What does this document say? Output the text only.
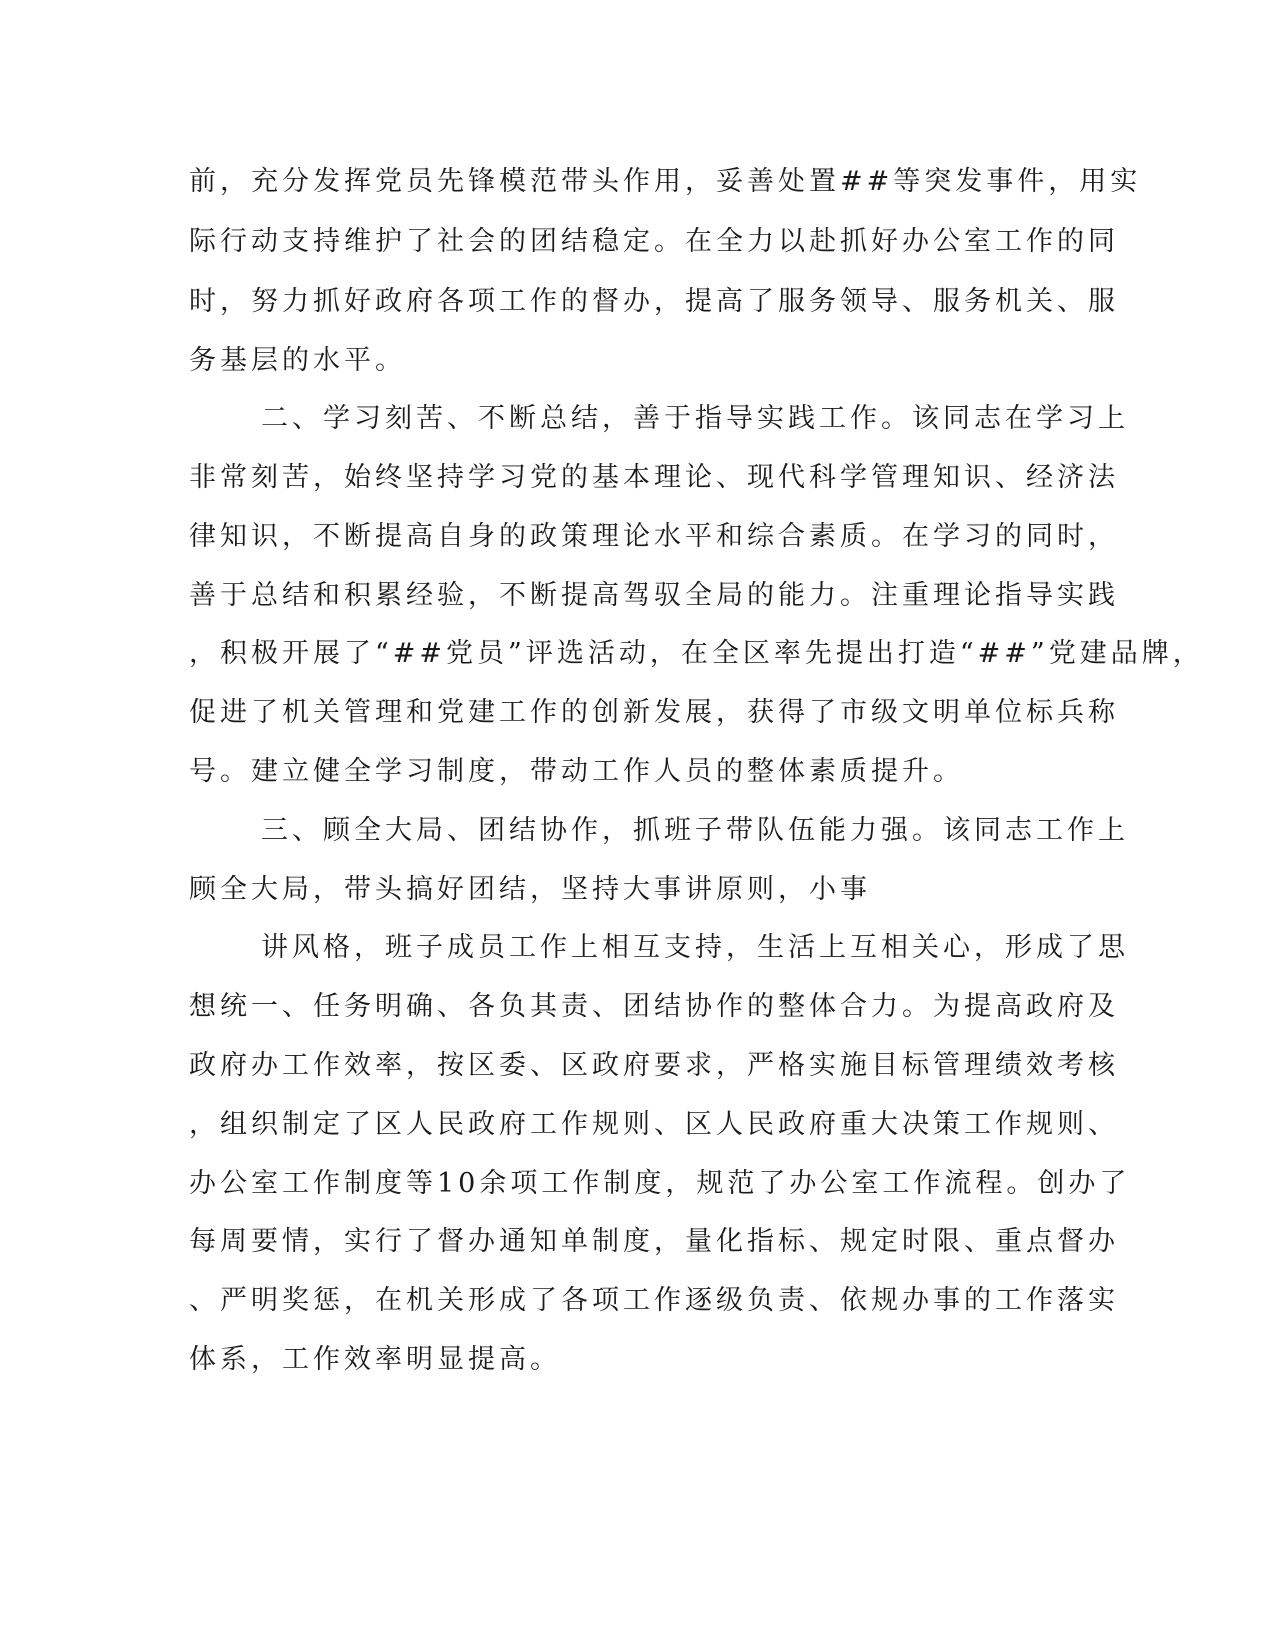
前，充分发挥党员先锋模范带头作用，妥善处置##等突发事件，用实
际行动支持维护了社会的团结稳定。在全力以赴抓好办公室工作的同
时，努力抓好政府各项工作的督办，提高了服务领导、服务机关、服
务基层的水平。
二、学习刻苦、不断总结，善于指导实践工作。该同志在学习上
非常刻苦，始终坚持学习党的基本理论、现代科学管理知识、经济法
律知识，不断提高自身的政策理论水平和综合素质。在学习的同时，
善于总结和积累经验，不断提高驾驭全局的能力。注重理论指导实践
，积极开展了“##党员”评选活动，在全区率先提出打造“##”党建品牌，
促进了机关管理和党建工作的创新发展，获得了市级文明单位标兵称
号。建立健全学习制度，带动工作人员的整体素质提升。
三、顾全大局、团结协作，抓班子带队伍能力强。该同志工作上
顾全大局，带头搞好团结，坚持大事讲原则，小事
讲风格，班子成员工作上相互支持，生活上互相关心，形成了思
想统一、任务明确、各负其责、团结协作的整体合力。为提高政府及
政府办工作效率，按区委、区政府要求，严格实施目标管理绩效考核
，组织制定了区人民政府工作规则、区人民政府重大决策工作规则、
办公室工作制度等10余项工作制度，规范了办公室工作流程。创办了
每周要情，实行了督办通知单制度，量化指标、规定时限、重点督办
、严明奖惩，在机关形成了各项工作逐级负责、依规办事的工作落实
体系，工作效率明显提高。
